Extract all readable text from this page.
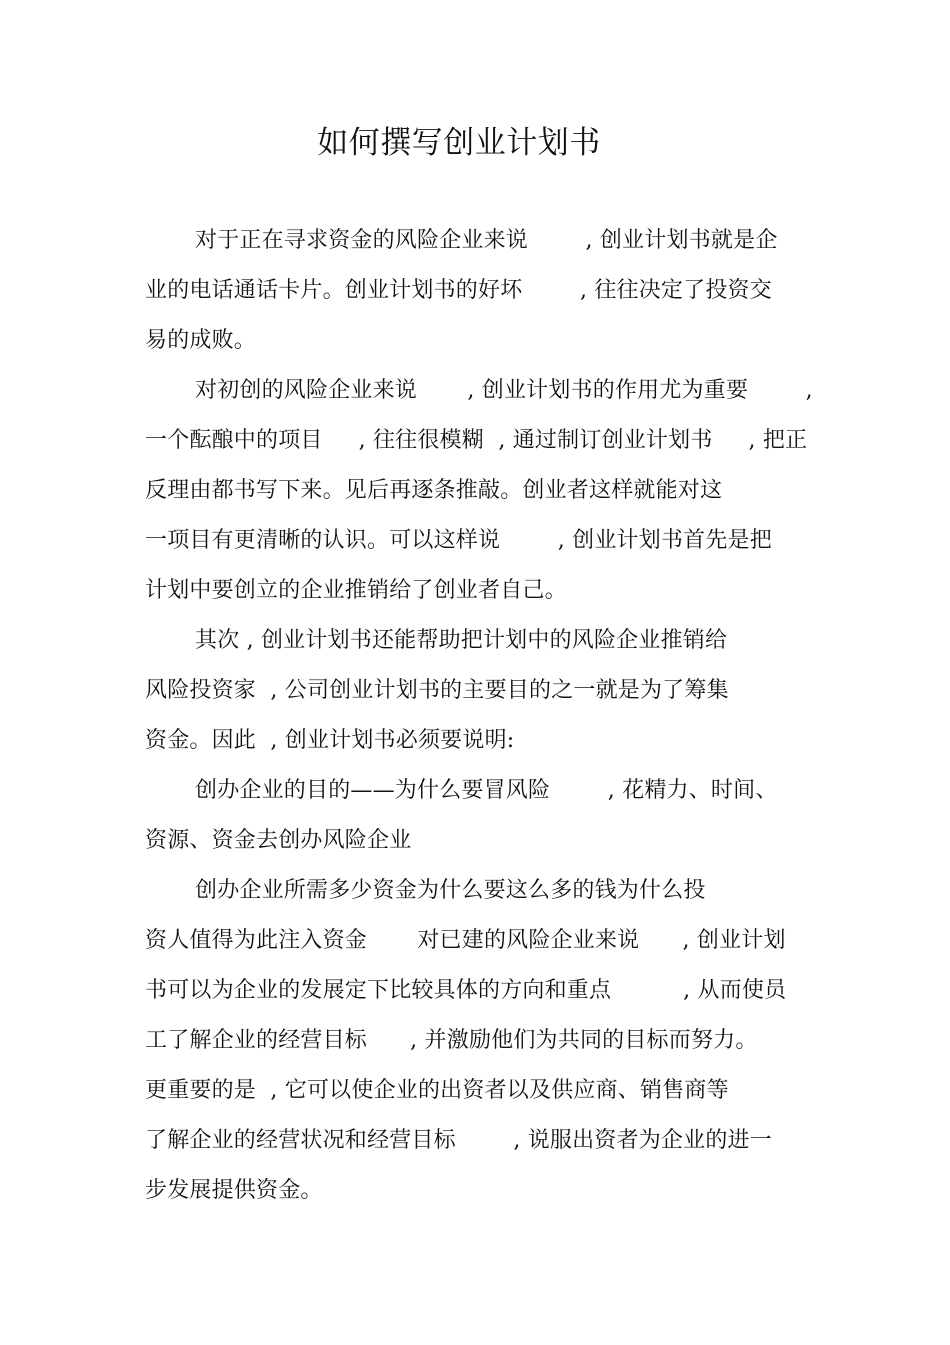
如何撰写创业计划书
对于正在寻求资金的风险企业来说        , 创业计划书就是企
业的电话通话卡片。创业计划书的好坏        , 往往决定了投资交
易的成败。
对初创的风险企业来说       , 创业计划书的作用尤为重要        ,
一个酝酿中的项目     , 往往很模糊  , 通过制订创业计划书     , 把正
反理由都书写下来。见后再逐条推敲。创业者这样就能对这
一项目有更清晰的认识。可以这样说        , 创业计划书首先是把
计划中要创立的企业推销给了创业者自己。
其次 , 创业计划书还能帮助把计划中的风险企业推销给
风险投资家  , 公司创业计划书的主要目的之一就是为了筹集
资金。因此  , 创业计划书必须要说明:
创办企业的目的——为什么要冒风险        , 花精力、时间、
资源、资金去创办风险企业
创办企业所需多少资金为什么要这么多的钱为什么投
资人值得为此注入资金       对已建的风险企业来说      , 创业计划
书可以为企业的发展定下比较具体的方向和重点          , 从而使员
工了解企业的经营目标      , 并激励他们为共同的目标而努力。
更重要的是  , 它可以使企业的出资者以及供应商、销售商等
了解企业的经营状况和经营目标        , 说服出资者为企业的进一
步发展提供资金。
